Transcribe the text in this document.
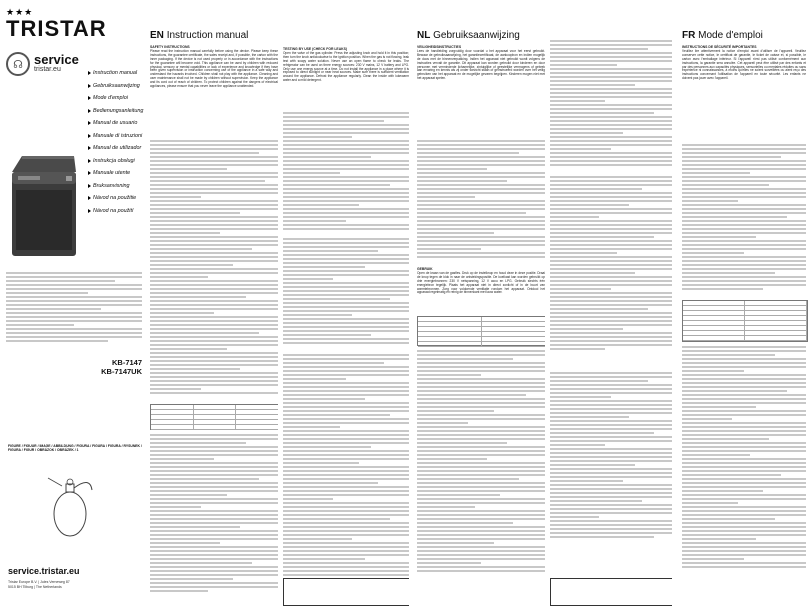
★★★
TRISTAR
☊ service
tristar.eu
Instruction manual
Gebruiksaanwijzing
Mode d'emploi
Bedienungsanleitung
Manual de usuario
Manuale di istruzioni
Manual de utilizador
Instrukcja obsługi
Manuale utente
Bruksanvisning
Návod na použitie
Návod na použití
KB-7147
KB-7147UK
FIGURE / FIGUUR / IMAGE / ABBILDUNG / FIGURA / FIGURA / FIGURA / RYSUNEK / FIGURA / FIGUR / OBRÁZOK / OBRÁZEK / 1
service.tristar.eu
Tristar Europe B.V. | Jules Verneweg 87
5015 BH Tilburg | The Netherlands
EN Instruction manual
SAFETY INSTRUCTIONS
Please read the instruction manual carefully before using the device. Please keep these instructions, the guarantee certificate, the sales receipt and, if possible, the carton with the inner packaging. If the device is not used properly or in accordance with the instructions for the guarantee will become void. This appliance can be used by children with reduced physical, sensory or mental capabilities or lack of experience and knowledge if they have been given supervision or instruction concerning use of the appliance in a safe way and understand the hazards involved. Children shall not play with the appliance. Cleaning and user maintenance shall not be made by children without supervision. Keep the appliance and its cord out of reach of children. To protect children against the dangers of electrical appliances, please ensure that you never leave the appliance unattended.
TESTING BY USE (CHECK FOR LEAKS)
Open the valve of the gas cylinder. Press the adjusting knob and hold it in this position; then turn the knob anticlockwise to the ignition position. When the gas is not flowing, leak test with soapy water solution. Never use an open flame to check for leaks. The refrigerator can be used on three energy sources: 230 V mains, 12 V battery and LPG. Only use one energy source at a time. Do not install the appliance in a place where it is exposed to direct sunlight or near heat sources. Make sure there is sufficient ventilation around the appliance. Defrost the appliance regularly. Clean the inside with lukewarm water and a mild detergent.
NL Gebruiksaanwijzing
VEILIGHEIDSINSTRUCTIES
Lees de handleiding zorgvuldig door voordat u het apparaat voor het eerst gebruikt. Bewaar de gebruiksaanwijzing, het garantiecertificaat, de aankoopbon en indien mogelijk de doos met de binnenverpakking. Indien het apparaat niet gebruikt wordt volgens de instructies vervalt de garantie. Dit apparaat kan worden gebruikt door kinderen en door personen met verminderde lichamelijke, zintuiglijke of geestelijke vermogens of gebrek aan ervaring en kennis als zij onder toezicht staan of geïnstrueerd worden over het veilig gebruiken van het apparaat en de mogelijke gevaren begrijpen. Kinderen mogen niet met het apparaat spelen.
GEBRUIK
Open de kraan van de gasfles. Druk op de instelknop en houd deze in deze positie. Draai de knop tegen de klok in naar de ontstekingspositie. De koelkast kan worden gebruikt op drie energiebronnen: 230 V netspanning, 12 V accu en LPG. Gebruik slechts één energiebron tegelijk. Plaats het apparaat niet in direct zonlicht of in de buurt van warmtebronnen. Zorg voor voldoende ventilatie rondom het apparaat. Ontdooi het apparaat regelmatig en reinig de binnenkant met lauw water.
FR Mode d'emploi
INSTRUCTIONS DE SÉCURITÉ IMPORTANTES
Veuillez lire attentivement la notice d'emploi avant d'utiliser de l'appareil. Veuillez conserver cette notice, le certificat de garantie, le ticket de caisse et, si possible, le carton avec l'emballage intérieur. Si l'appareil n'est pas utilisé conformément aux instructions, la garantie sera annulée. Cet appareil peut être utilisé par des enfants et par des personnes aux capacités physiques, sensorielles ou mentales réduites ou sans expérience ni connaissances, à moins qu'elles ne soient surveillées ou aient reçu des instructions concernant l'utilisation de l'appareil en toute sécurité. Les enfants ne doivent pas jouer avec l'appareil.
